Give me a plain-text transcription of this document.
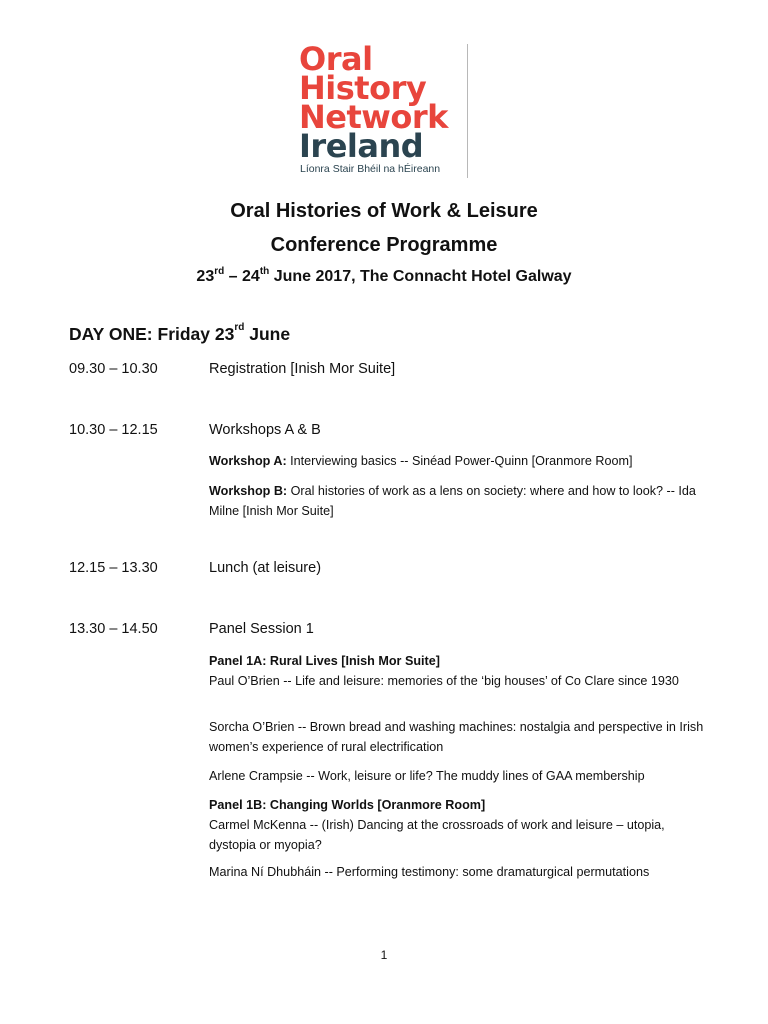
Oral
History
Network
Ireland
Líonra Stair Bhéil na hÉireann
Oral Histories of Work & Leisure
Conference Programme
23rd – 24th June 2017, The Connacht Hotel Galway
DAY ONE: Friday 23rd June
09.30 – 10.30	Registration [Inish Mor Suite]
10.30 – 12.15	Workshops A & B
Workshop A: Interviewing basics -- Sinéad Power-Quinn [Oranmore Room]
Workshop B: Oral histories of work as a lens on society: where and how to look? -- Ida Milne [Inish Mor Suite]
12.15 – 13.30	Lunch (at leisure)
13.30 – 14.50	Panel Session 1
Panel 1A: Rural Lives [Inish Mor Suite]
Paul O’Brien -- Life and leisure: memories of the ‘big houses’ of Co Clare since 1930
Sorcha O’Brien -- Brown bread and washing machines: nostalgia and perspective in Irish women’s experience of rural electrification
Arlene Crampsie -- Work, leisure or life? The muddy lines of GAA membership
Panel 1B: Changing Worlds [Oranmore Room]
Carmel McKenna -- (Irish) Dancing at the crossroads of work and leisure – utopia, dystopia or myopia?
Marina Ní Dhubháin -- Performing testimony: some dramaturgical permutations
1
